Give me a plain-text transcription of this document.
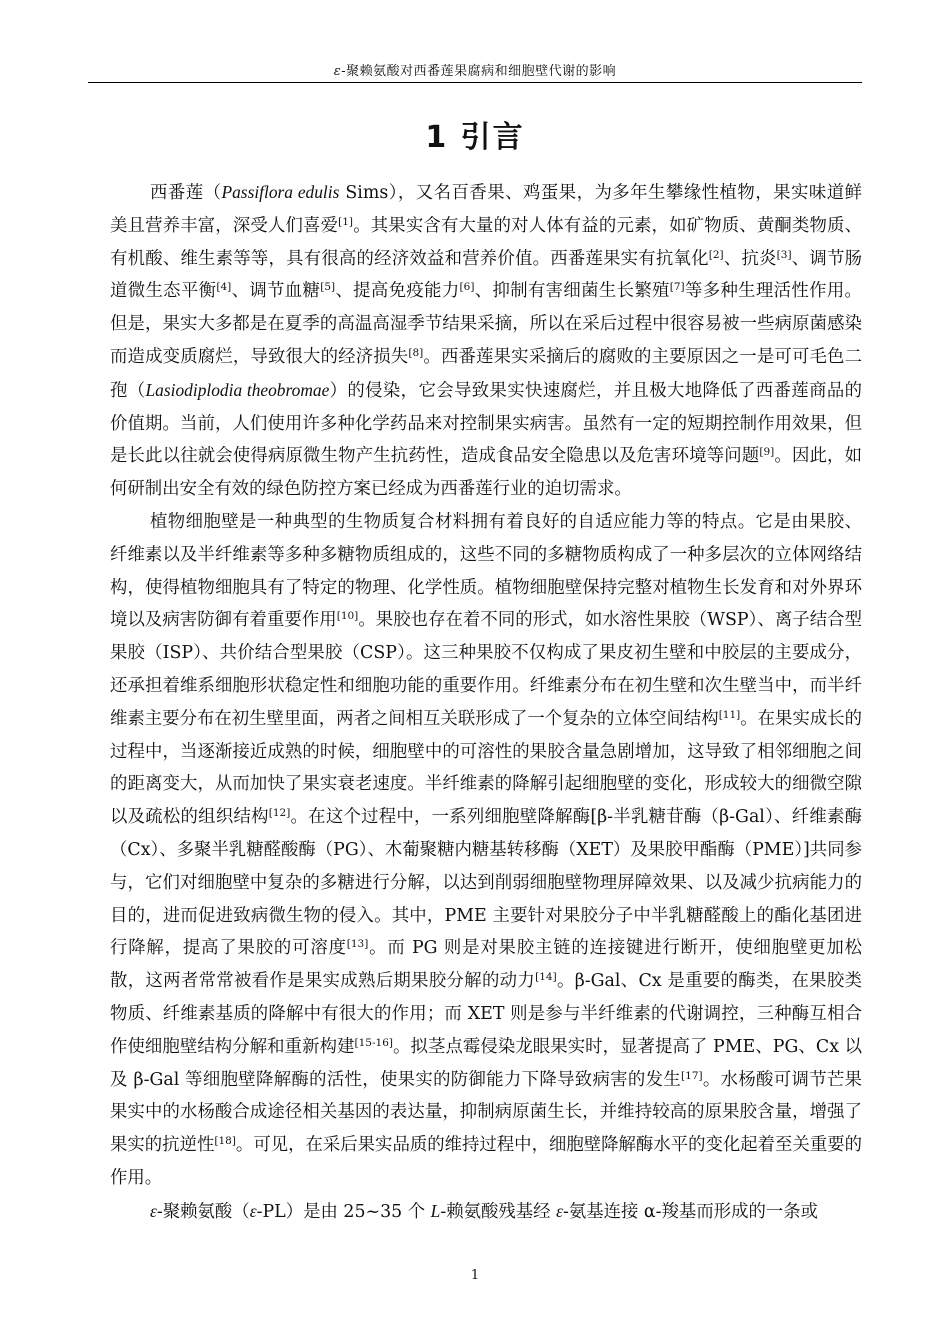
ε-聚赖氨酸对西番莲果腐病和细胞壁代谢的影响
1 引言

西番莲（Passiflora edulis Sims），又名百香果、鸡蛋果，为多年生攀缘性植物，果实味道鲜美且营养丰富，深受人们喜爱[1]。其果实含有大量的对人体有益的元素，如矿物质、黄酮类物质、有机酸、维生素等等，具有很高的经济效益和营养价值。西番莲果实有抗氧化[2]、抗炎[3]、调节肠道微生态平衡[4]、调节血糖[5]、提高免疫能力[6]、抑制有害细菌生长繁殖[7]等多种生理活性作用。但是，果实大多都是在夏季的高温高湿季节结果采摘，所以在采后过程中很容易被一些病原菌感染而造成变质腐烂，导致很大的经济损失[8]。西番莲果实采摘后的腐败的主要原因之一是可可毛色二孢（Lasiodiplodia theobromae）的侵染，它会导致果实快速腐烂，并且极大地降低了西番莲商品的价值期。当前，人们使用许多种化学药品来对控制果实病害。虽然有一定的短期控制作用效果，但是长此以往就会使得病原微生物产生抗药性，造成食品安全隐患以及危害环境等问题[9]。因此，如何研制出安全有效的绿色防控方案已经成为西番莲行业的迫切需求。

植物细胞壁是一种典型的生物质复合材料拥有着良好的自适应能力等的特点。它是由果胶、纤维素以及半纤维素等多种多糖物质组成的，这些不同的多糖物质构成了一种多层次的立体网络结构，使得植物细胞具有了特定的物理、化学性质。植物细胞壁保持完整对植物生长发育和对外界环境以及病害防御有着重要作用[10]。果胶也存在着不同的形式，如水溶性果胶（WSP）、离子结合型果胶（ISP）、共价结合型果胶（CSP）。这三种果胶不仅构成了果皮初生壁和中胶层的主要成分，还承担着维系细胞形状稳定性和细胞功能的重要作用。纤维素分布在初生壁和次生壁当中，而半纤维素主要分布在初生壁里面，两者之间相互关联形成了一个复杂的立体空间结构[11]。在果实成长的过程中，当逐渐接近成熟的时候，细胞壁中的可溶性的果胶含量急剧增加，这导致了相邻细胞之间的距离变大，从而加快了果实衰老速度。半纤维素的降解引起细胞壁的变化，形成较大的细微空隙以及疏松的组织结构[12]。在这个过程中，一系列细胞壁降解酶[β-半乳糖苷酶（β-Gal）、纤维素酶（Cx）、多聚半乳糖醛酸酶（PG）、木葡聚糖内糖基转移酶（XET）及果胶甲酯酶（PME）]共同参与，它们对细胞壁中复杂的多糖进行分解，以达到削弱细胞壁物理屏障效果、以及减少抗病能力的目的，进而促进致病微生物的侵入。其中，PME 主要针对果胶分子中半乳糖醛酸上的酯化基团进行降解，提高了果胶的可溶度[13]。而 PG 则是对果胶主链的连接键进行断开，使细胞壁更加松散，这两者常常被看作是果实成熟后期果胶分解的动力[14]。β-Gal、Cx 是重要的酶类，在果胶类物质、纤维素基质的降解中有很大的作用；而 XET 则是参与半纤维素的代谢调控，三种酶互相合作使细胞壁结构分解和重新构建[15-16]。拟茎点霉侵染龙眼果实时，显著提高了 PME、PG、Cx 以及 β-Gal 等细胞壁降解酶的活性，使果实的防御能力下降导致病害的发生[17]。水杨酸可调节芒果果实中的水杨酸合成途径相关基因的表达量，抑制病原菌生长，并维持较高的原果胶含量，增强了果实的抗逆性[18]。可见，在采后果实品质的维持过程中，细胞壁降解酶水平的变化起着至关重要的作用。

ε-聚赖氨酸（ε-PL）是由 25~35 个 L-赖氨酸残基经 ε-氨基连接 α-羧基而形成的一条或

1
